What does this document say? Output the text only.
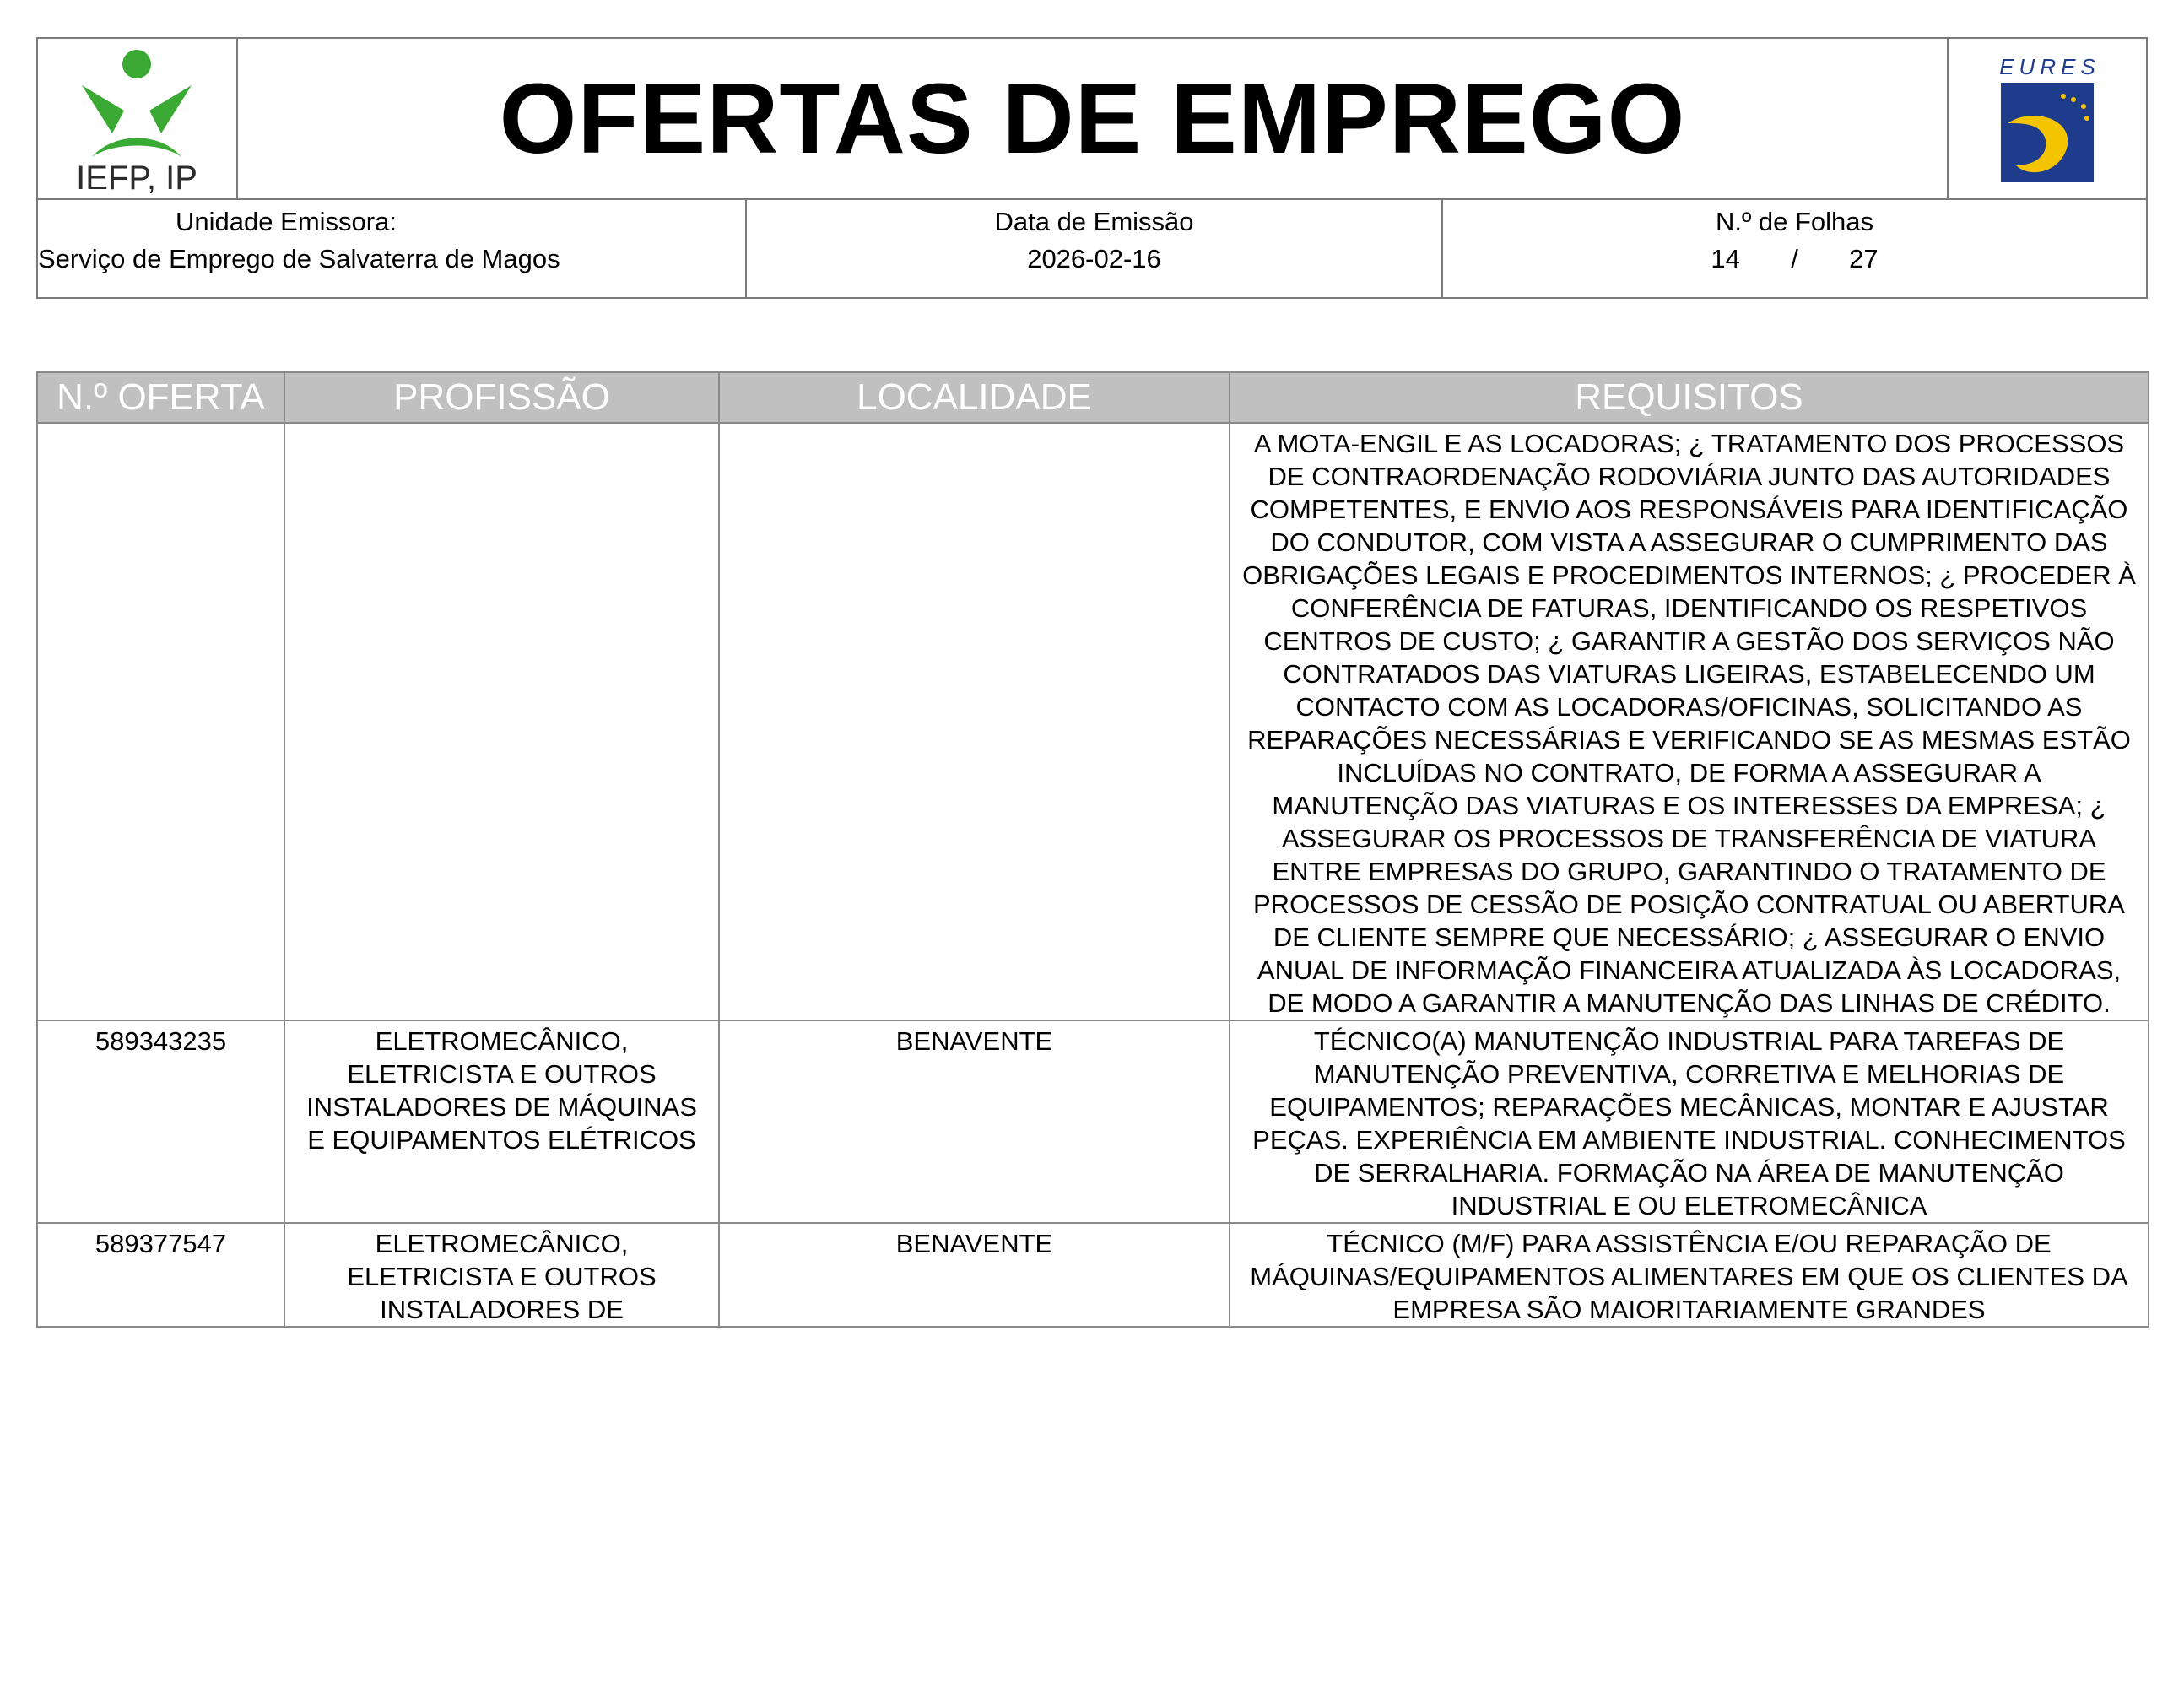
IEFP, IP
OFERTAS DE EMPREGO	EURES
Unidade Emissora:
Serviço de Emprego de Salvaterra de Magos
Data de Emissão
2026-02-16
N.º de Folhas
14       /       27
N.º OFERTA	PROFISSÃO	LOCALIDADE	REQUISITOS
			A MOTA-ENGIL E AS LOCADORAS; ¿ TRATAMENTO DOS PROCESSOS DE CONTRAORDENAÇÃO RODOVIÁRIA JUNTO DAS AUTORIDADES COMPETENTES, E ENVIO AOS RESPONSÁVEIS PARA IDENTIFICAÇÃO DO CONDUTOR, COM VISTA A ASSEGURAR O CUMPRIMENTO DAS OBRIGAÇÕES LEGAIS E PROCEDIMENTOS INTERNOS; ¿ PROCEDER À CONFERÊNCIA DE FATURAS, IDENTIFICANDO OS RESPETIVOS CENTROS DE CUSTO; ¿ GARANTIR A GESTÃO DOS SERVIÇOS NÃO CONTRATADOS DAS VIATURAS LIGEIRAS, ESTABELECENDO UM CONTACTO COM AS LOCADORAS/OFICINAS, SOLICITANDO AS REPARAÇÕES NECESSÁRIAS E VERIFICANDO SE AS MESMAS ESTÃO INCLUÍDAS NO CONTRATO, DE FORMA A ASSEGURAR A MANUTENÇÃO DAS VIATURAS E OS INTERESSES DA EMPRESA; ¿ ASSEGURAR OS PROCESSOS DE TRANSFERÊNCIA DE VIATURA ENTRE EMPRESAS DO GRUPO, GARANTINDO O TRATAMENTO DE PROCESSOS DE CESSÃO DE POSIÇÃO CONTRATUAL OU ABERTURA DE CLIENTE SEMPRE QUE NECESSÁRIO; ¿ ASSEGURAR O ENVIO ANUAL DE INFORMAÇÃO FINANCEIRA ATUALIZADA ÀS LOCADORAS, DE MODO A GARANTIR A MANUTENÇÃO DAS LINHAS DE CRÉDITO.
589343235	ELETROMECÂNICO, ELETRICISTA E OUTROS INSTALADORES DE MÁQUINAS E EQUIPAMENTOS ELÉTRICOS	BENAVENTE	TÉCNICO(A) MANUTENÇÃO INDUSTRIAL PARA TAREFAS DE MANUTENÇÃO PREVENTIVA, CORRETIVA E MELHORIAS DE EQUIPAMENTOS; REPARAÇÕES MECÂNICAS, MONTAR E AJUSTAR PEÇAS. EXPERIÊNCIA EM AMBIENTE INDUSTRIAL. CONHECIMENTOS DE SERRALHARIA. FORMAÇÃO NA ÁREA DE MANUTENÇÃO INDUSTRIAL E OU ELETROMECÂNICA
589377547	ELETROMECÂNICO, ELETRICISTA E OUTROS INSTALADORES DE	BENAVENTE	TÉCNICO (M/F) PARA ASSISTÊNCIA E/OU REPARAÇÃO DE MÁQUINAS/EQUIPAMENTOS ALIMENTARES EM QUE OS CLIENTES DA EMPRESA SÃO MAIORITARIAMENTE GRANDES
